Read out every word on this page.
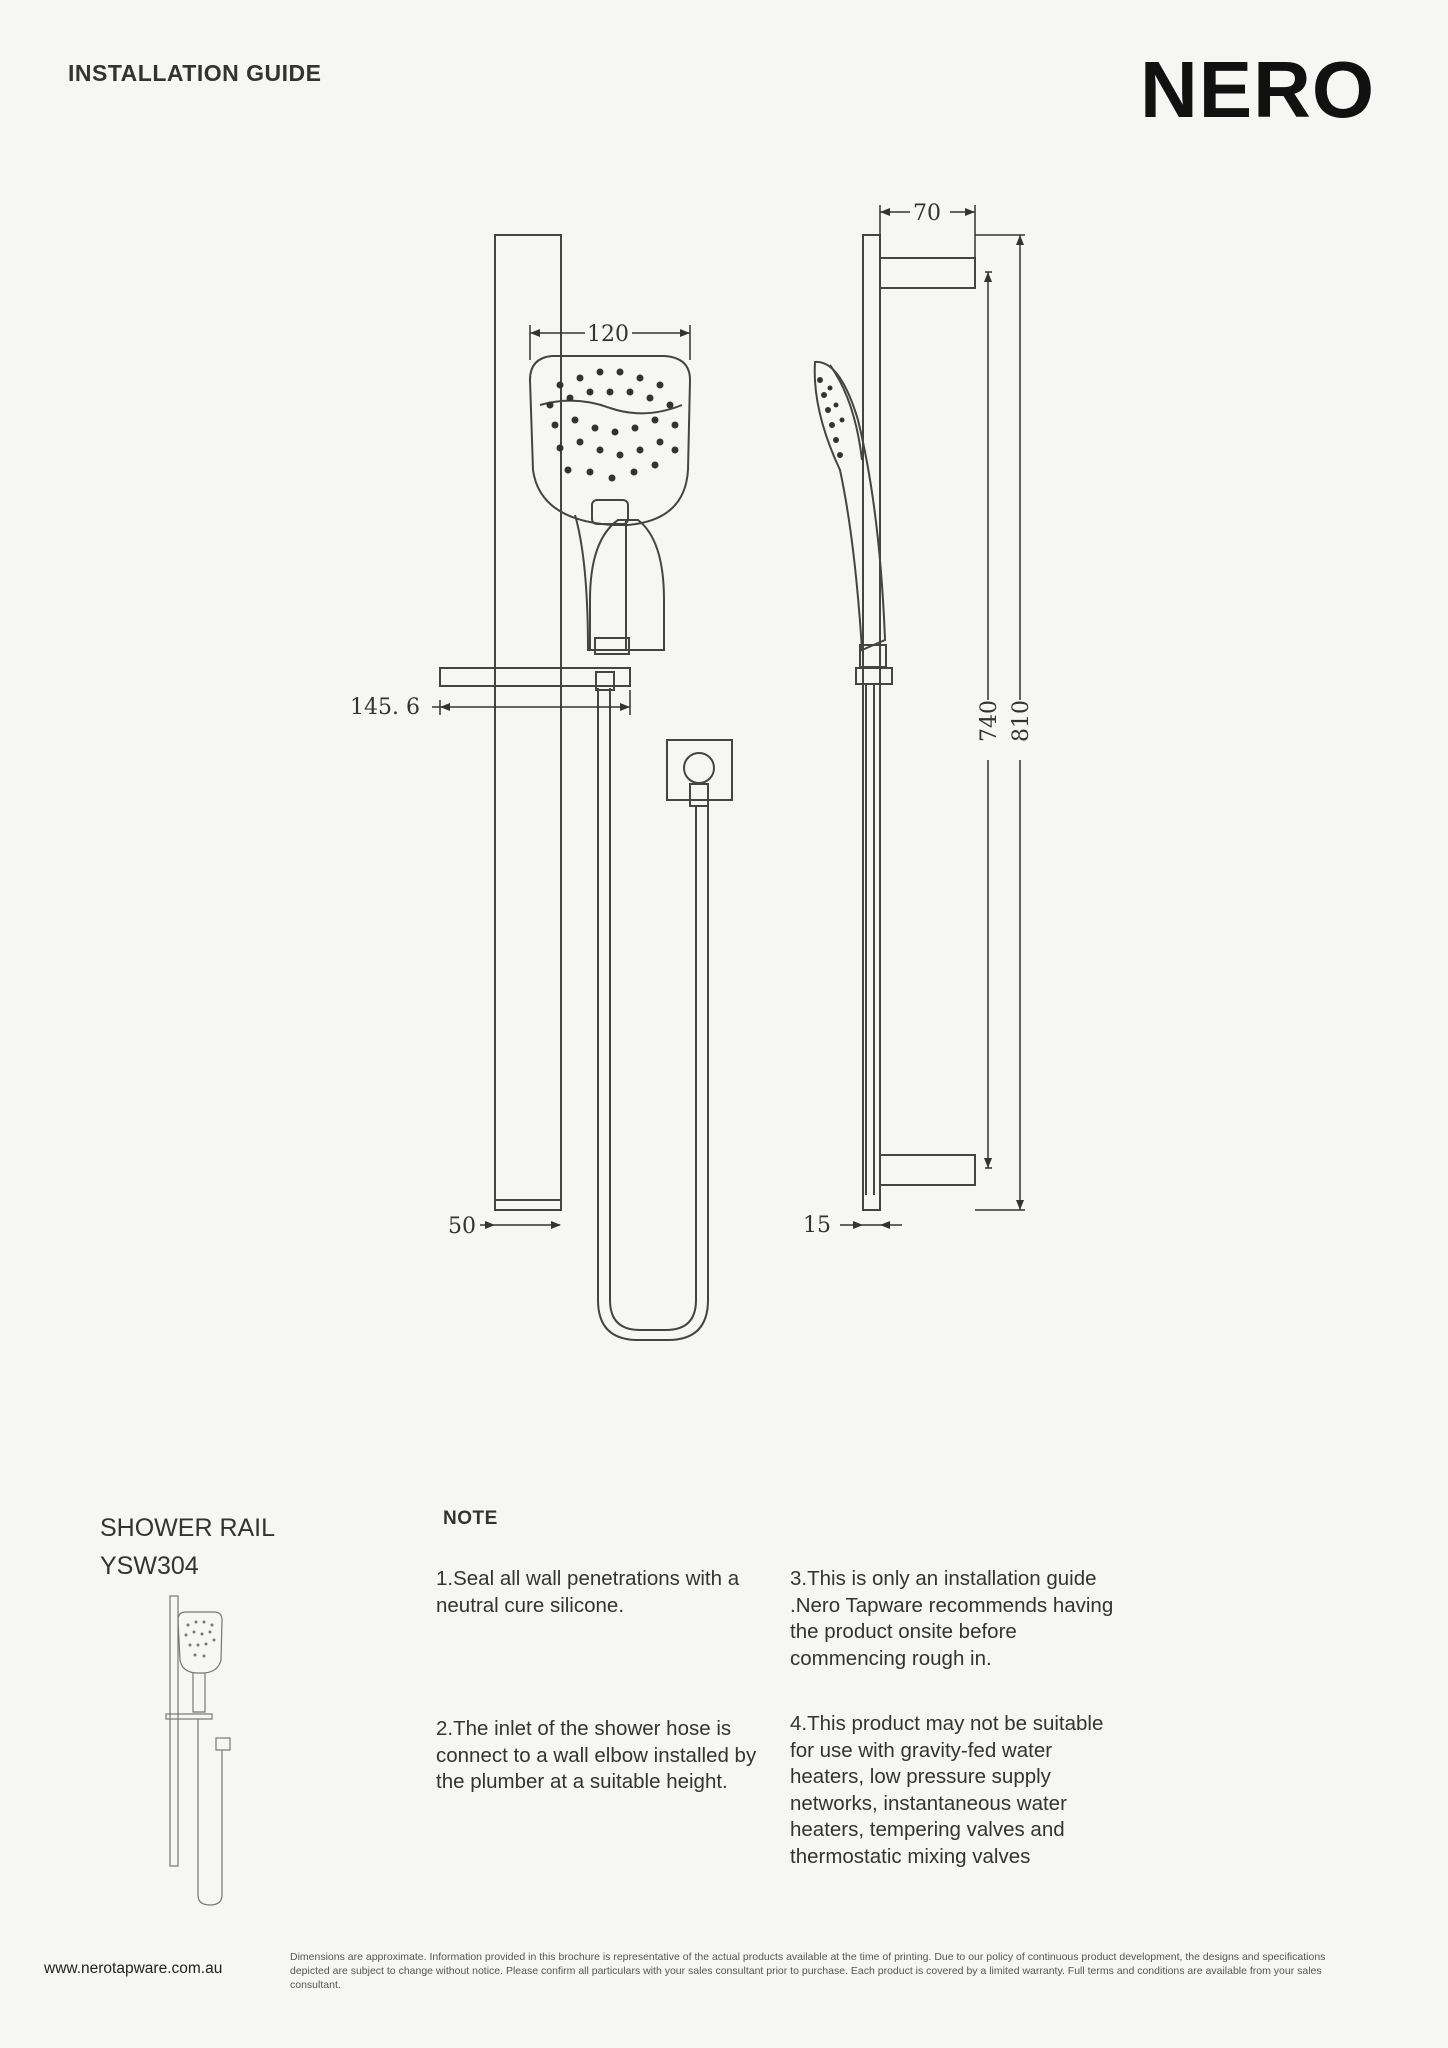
INSTALLATION GUIDE	NERO
120
145. 6
50
70
15
740 810
SHOWER RAIL
YSW304
NOTE
1.Seal all wall penetrations with a neutral cure silicone.
2.The inlet of the shower hose is connect to a wall elbow installed by the plumber at a suitable height.
3.This is only an installation guide .Nero Tapware recommends having the product onsite before commencing rough in.
4.This product may not be suitable for use with gravity-fed water heaters, low pressure supply networks, instantaneous water heaters, tempering valves and thermostatic mixing valves
www.nerotapware.com.au
Dimensions are approximate. Information provided in this brochure is representative of the actual products available at the time of printing. Due to our policy of continuous product development, the designs and specifications depicted are subject to change without notice. Please confirm all particulars with your sales consultant prior to purchase. Each product is covered by a limited warranty. Full terms and conditions are available from your sales consultant.
